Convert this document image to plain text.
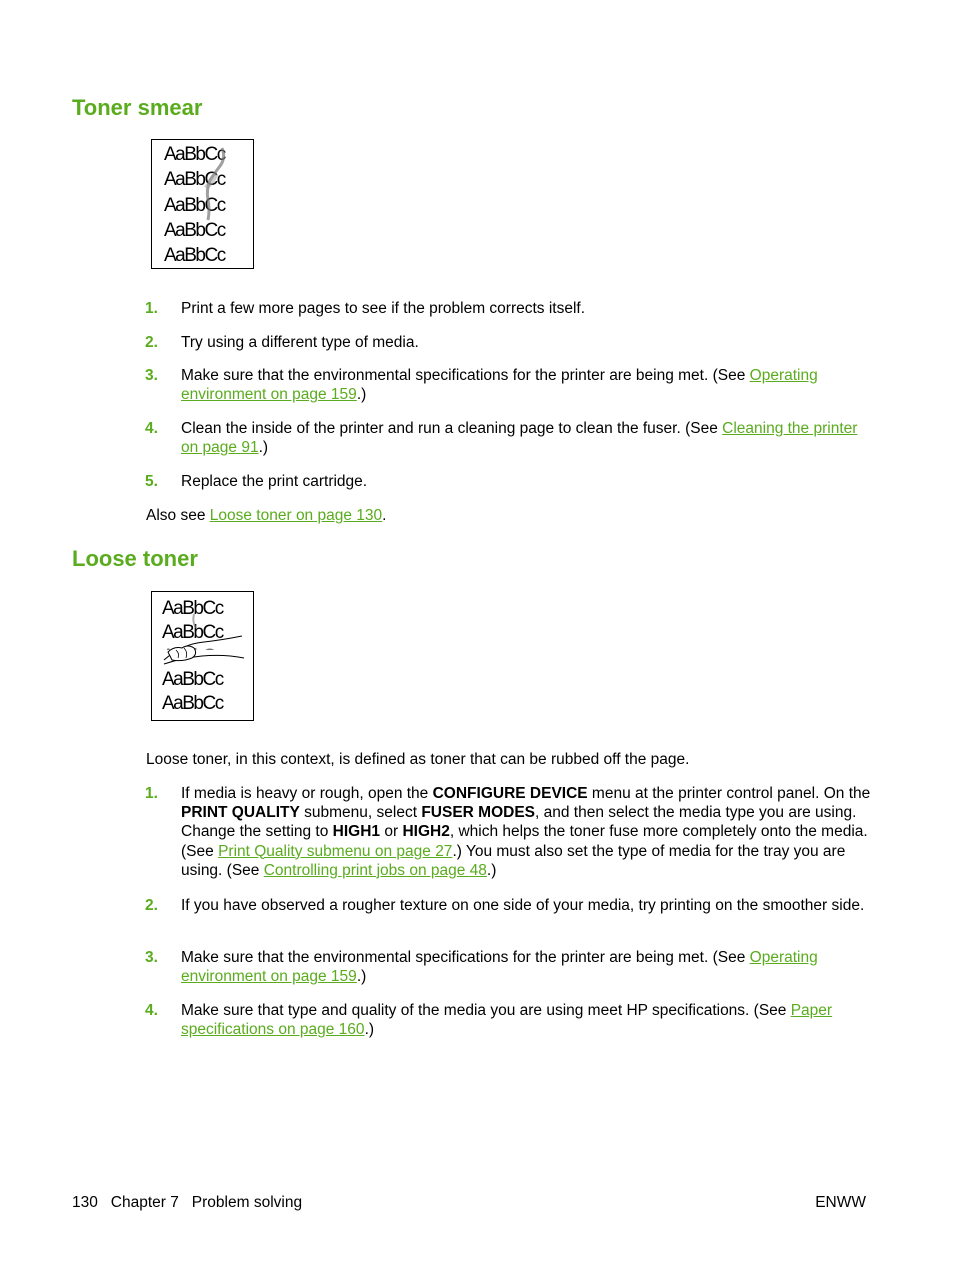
Toner smear
AaBbCc
AaBbCc
AaBbCc
AaBbCc
AaBbCc
1.	Print a few more pages to see if the problem corrects itself.
2.	Try using a different type of media.
3.	Make sure that the environmental specifications for the printer are being met. (See Operating environment on page 159.)
4.	Clean the inside of the printer and run a cleaning page to clean the fuser. (See Cleaning the printer on page 91.)
5.	Replace the print cartridge.

Also see Loose toner on page 130.

Loose toner
AaBbCc
AaBbCc
AaBbCc
AaBbCc

Loose toner, in this context, is defined as toner that can be rubbed off the page.

1.	If media is heavy or rough, open the CONFIGURE DEVICE menu at the printer control panel. On the PRINT QUALITY submenu, select FUSER MODES, and then select the media type you are using. Change the setting to HIGH1 or HIGH2, which helps the toner fuse more completely onto the media. (See Print Quality submenu on page 27.) You must also set the type of media for the tray you are using. (See Controlling print jobs on page 48.)
2.	If you have observed a rougher texture on one side of your media, try printing on the smoother side.
3.	Make sure that the environmental specifications for the printer are being met. (See Operating environment on page 159.)
4.	Make sure that type and quality of the media you are using meet HP specifications. (See Paper specifications on page 160.)
130 Chapter 7 Problem solving	ENWW
